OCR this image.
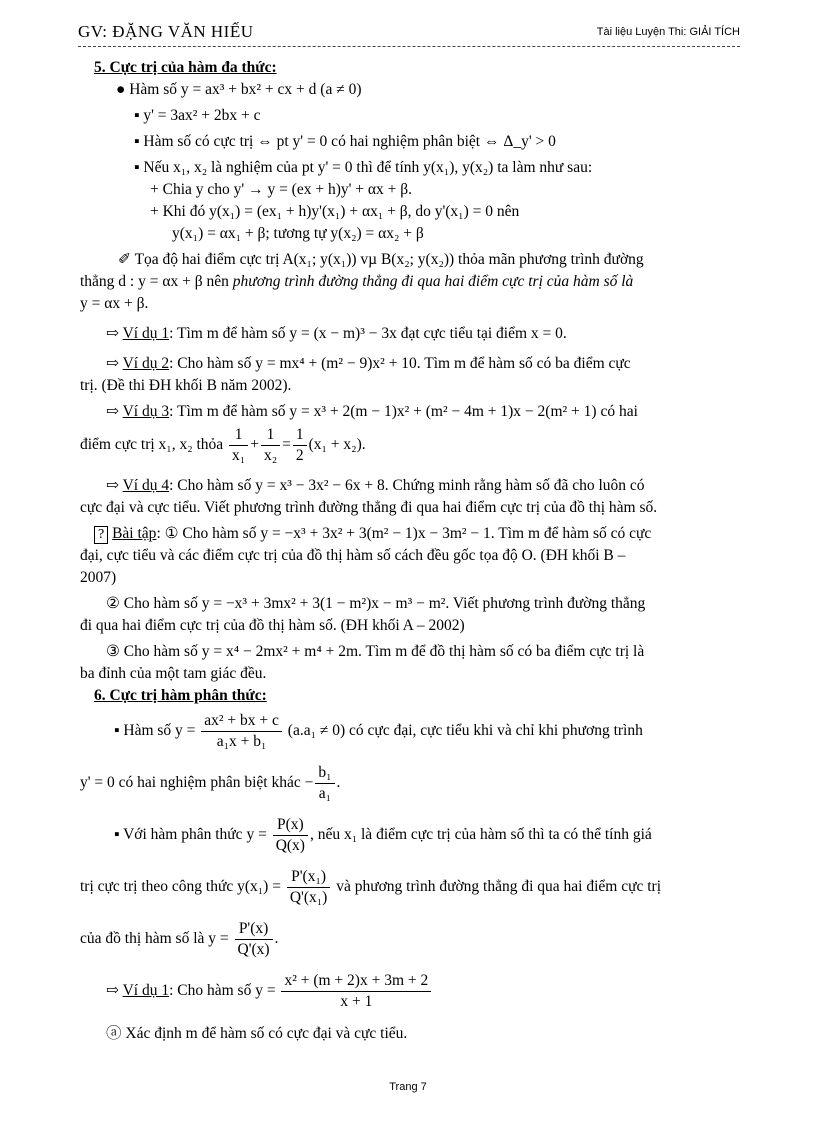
GV: ĐẶNG VĂN HIẾU	Tài liệu Luyện Thi: GIẢI TÍCH
5. Cực trị của hàm đa thức:
● Hàm số y = ax³ + bx² + cx + d (a ≠ 0)
▪ y' = 3ax² + 2bx + c
▪ Hàm số có cực trị ⇔ pt y' = 0 có hai nghiệm phân biệt ⇔ Δ_y' > 0
▪ Nếu x₁, x₂ là nghiệm của pt y' = 0 thì để tính y(x₁), y(x₂) ta làm như sau:
+ Chia y cho y' → y = (ex + h)y' + αx + β.
+ Khi đó y(x₁) = (ex₁ + h)y'(x₁) + αx₁ + β, do y'(x₁) = 0 nên
y(x₁) = αx₁ + β; tương tự y(x₂) = αx₂ + β
✐ Tọa độ hai điểm cực trị A(x₁; y(x₁)) vµ B(x₂; y(x₂)) thỏa mãn phương trình đường
thẳng d : y = αx + β nên phương trình đường thẳng đi qua hai điểm cực trị của hàm số là
y = αx + β.
⇨ Ví dụ 1: Tìm m để hàm số y = (x − m)³ − 3x đạt cực tiểu tại điểm x = 0.
⇨ Ví dụ 2: Cho hàm số y = mx⁴ + (m² − 9)x² + 10. Tìm m để hàm số có ba điểm cực
trị. (Đề thi ĐH khối B năm 2002).
⇨ Ví dụ 3: Tìm m để hàm số y = x³ + 2(m − 1)x² + (m² − 4m + 1)x − 2(m² + 1) có hai
điểm cực trị x₁, x₂ thỏa $\frac{1}{\text{x₁}} + \frac{1}{\text{x₂}} = \frac{1}{2} (x_1 + x_2)$.
⇨ Ví dụ 4: Cho hàm số y = x³ − 3x² − 6x + 8. Chứng minh rằng hàm số đã cho luôn có
cực đại và cực tiểu. Viết phương trình đường thẳng đi qua hai điểm cực trị của đồ thị hàm số.
? Bài tập: ① Cho hàm số y = −x³ + 3x² + 3(m² − 1)x − 3m² − 1. Tìm m để hàm số có cực
đại, cực tiểu và các điểm cực trị của đồ thị hàm số cách đều gốc tọa độ O. (ĐH khối B –
2007)
② Cho hàm số y = −x³ + 3mx² + 3(1 − m²)x − m³ − m². Viết phương trình đường thẳng
đi qua hai điểm cực trị của đồ thị hàm số. (ĐH khối A – 2002)
③ Cho hàm số y = x⁴ − 2mx² + m⁴ + 2m. Tìm m để đồ thị hàm số có ba điểm cực trị là
ba đỉnh của một tam giác đều.
6. Cực trị hàm phân thức:
▪ Hàm số $y = \frac{\text{ax² + bx + c}}{\text{a₁x + b₁}} (a.a_1 \ne 0)$ có cực đại, cực tiểu khi và chỉ khi phương trình
y' = 0 có hai nghiệm phân biệt khác − $\frac{\text{b₁}}{\text{a₁}}$ .
▪ Với hàm phân thức $y = \frac{P(x)}{Q(x)}$ , nếu x₁ là điểm cực trị của hàm số thì ta có thể tính giá
trị cực trị theo công thức $y(x_1) = \frac{\text{P'(x₁)}}{\text{Q'(x₁)}}$ và phương trình đường thẳng đi qua hai điểm cực trị
của đồ thị hàm số là $y = \frac{P'(x)}{Q'(x)}$ .
⇨ Ví dụ 1: Cho hàm số $y = \frac{\text{x² + (m + 2)x + 3m + 2}}{x + 1}$
ⓐ Xác định m để hàm số có cực đại và cực tiểu.
Trang 7
